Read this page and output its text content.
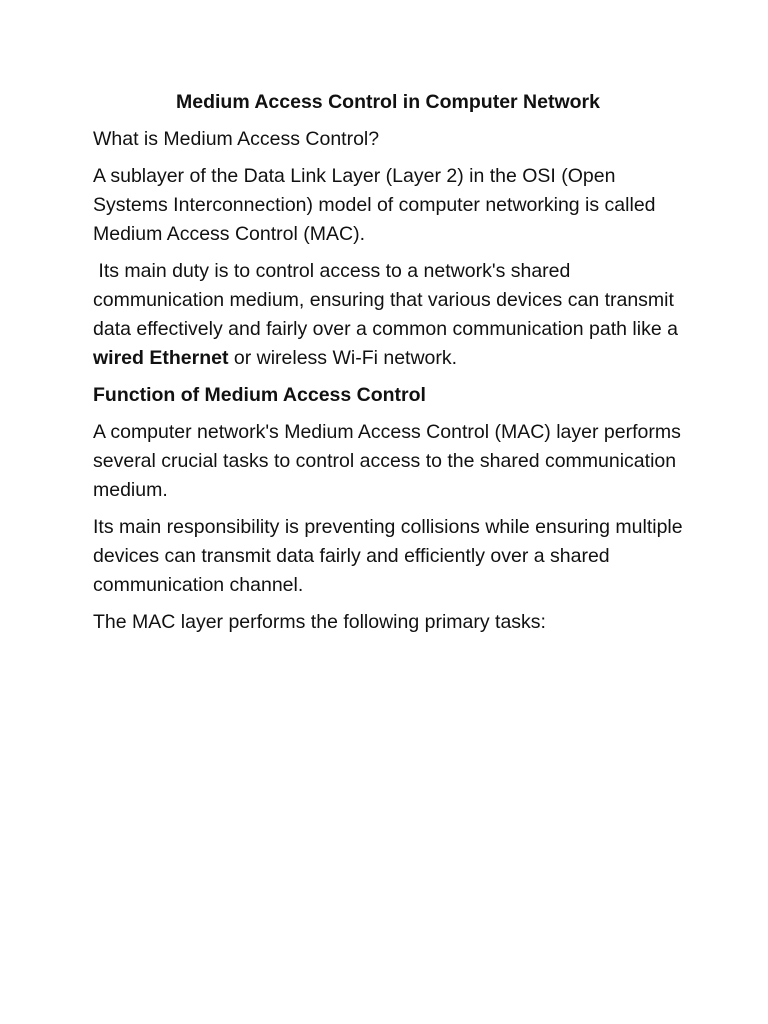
Medium Access Control in Computer Network

What is Medium Access Control?

A sublayer of the Data Link Layer (Layer 2) in the OSI (Open Systems Interconnection) model of computer networking is called Medium Access Control (MAC).

Its main duty is to control access to a network's shared communication medium, ensuring that various devices can transmit data effectively and fairly over a common communication path like a wired Ethernet or wireless Wi-Fi network.

Function of Medium Access Control

A computer network's Medium Access Control (MAC) layer performs several crucial tasks to control access to the shared communication medium.

Its main responsibility is preventing collisions while ensuring multiple devices can transmit data fairly and efficiently over a shared communication channel.

The MAC layer performs the following primary tasks:
